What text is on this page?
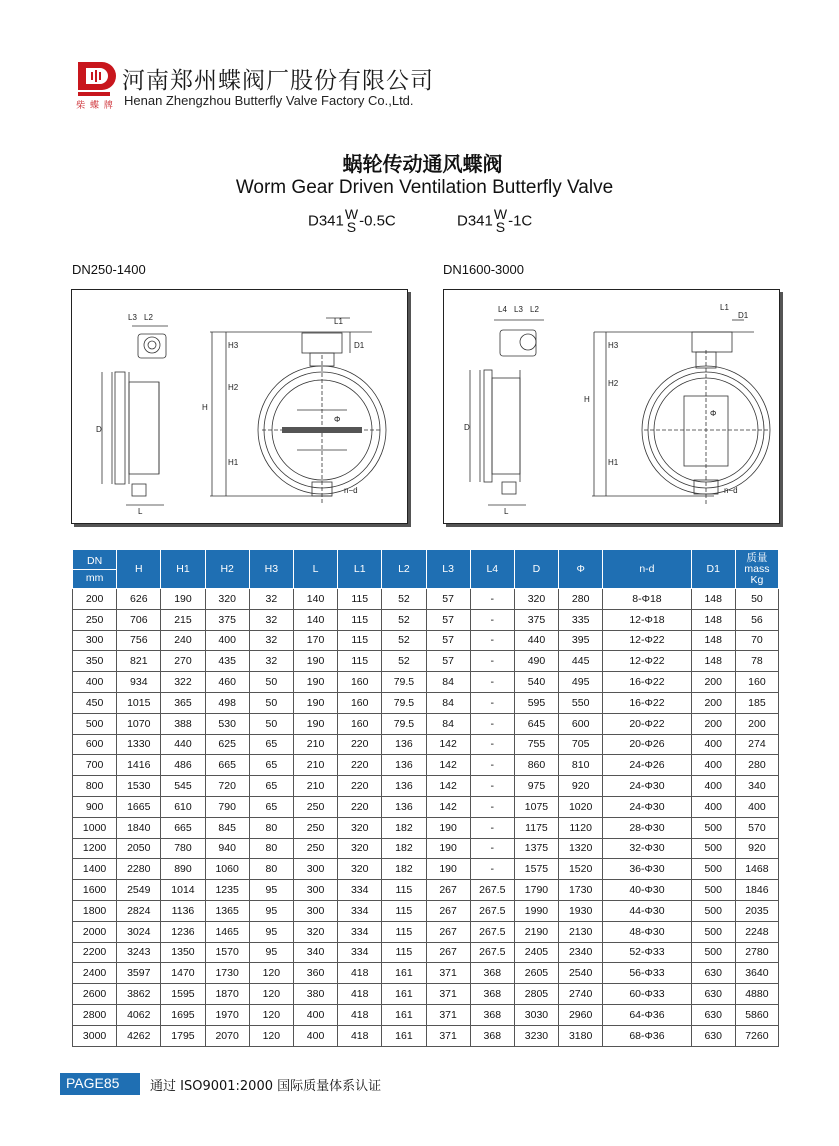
柴 蝶 牌
河南郑州蝶阀厂股份有限公司
Henan Zhengzhou Butterfly Valve Factory Co.,Ltd.
蜗轮传动通风蝶阀
Worm Gear Driven Ventilation Butterfly Valve
D341 W
S -0.5C	D341 W
S -1C
DN250-1400	DN1600-3000
L3 L2	L1
D1
H3
H2
H
H1
D
L
Φ
n−d
L4 L3 L2	L1
D1
H3
H2
H
H1
D
L
Φ
n−d
DN
mm	H	H1	H2	H3	L	L1	L2	L3	L4	D	Φ	n-d	D1	质量
mass
Kg

200	626	190	320	32	140	115	52	57	-	320	280	8-Φ18	148	50
250	706	215	375	32	140	115	52	57	-	375	335	12-Φ18	148	56
300	756	240	400	32	170	115	52	57	-	440	395	12-Φ22	148	70
350	821	270	435	32	190	115	52	57	-	490	445	12-Φ22	148	78
400	934	322	460	50	190	160	79.5	84	-	540	495	16-Φ22	200	160
450	1015	365	498	50	190	160	79.5	84	-	595	550	16-Φ22	200	185
500	1070	388	530	50	190	160	79.5	84	-	645	600	20-Φ22	200	200
600	1330	440	625	65	210	220	136	142	-	755	705	20-Φ26	400	274
700	1416	486	665	65	210	220	136	142	-	860	810	24-Φ26	400	280
800	1530	545	720	65	210	220	136	142	-	975	920	24-Φ30	400	340
900	1665	610	790	65	250	220	136	142	-	1075	1020	24-Φ30	400	400
1000	1840	665	845	80	250	320	182	190	-	1175	1120	28-Φ30	500	570
1200	2050	780	940	80	250	320	182	190	-	1375	1320	32-Φ30	500	920
1400	2280	890	1060	80	300	320	182	190	-	1575	1520	36-Φ30	500	1468
1600	2549	1014	1235	95	300	334	115	267	267.5	1790	1730	40-Φ30	500	1846
1800	2824	1136	1365	95	300	334	115	267	267.5	1990	1930	44-Φ30	500	2035
2000	3024	1236	1465	95	320	334	115	267	267.5	2190	2130	48-Φ30	500	2248
2200	3243	1350	1570	95	340	334	115	267	267.5	2405	2340	52-Φ33	500	2780
2400	3597	1470	1730	120	360	418	161	371	368	2605	2540	56-Φ33	630	3640
2600	3862	1595	1870	120	380	418	161	371	368	2805	2740	60-Φ33	630	4880
2800	4062	1695	1970	120	400	418	161	371	368	3030	2960	64-Φ36	630	5860
3000	4262	1795	2070	120	400	418	161	371	368	3230	3180	68-Φ36	630	7260
PAGE85 通过 ISO9001:2000 国际质量体系认证
